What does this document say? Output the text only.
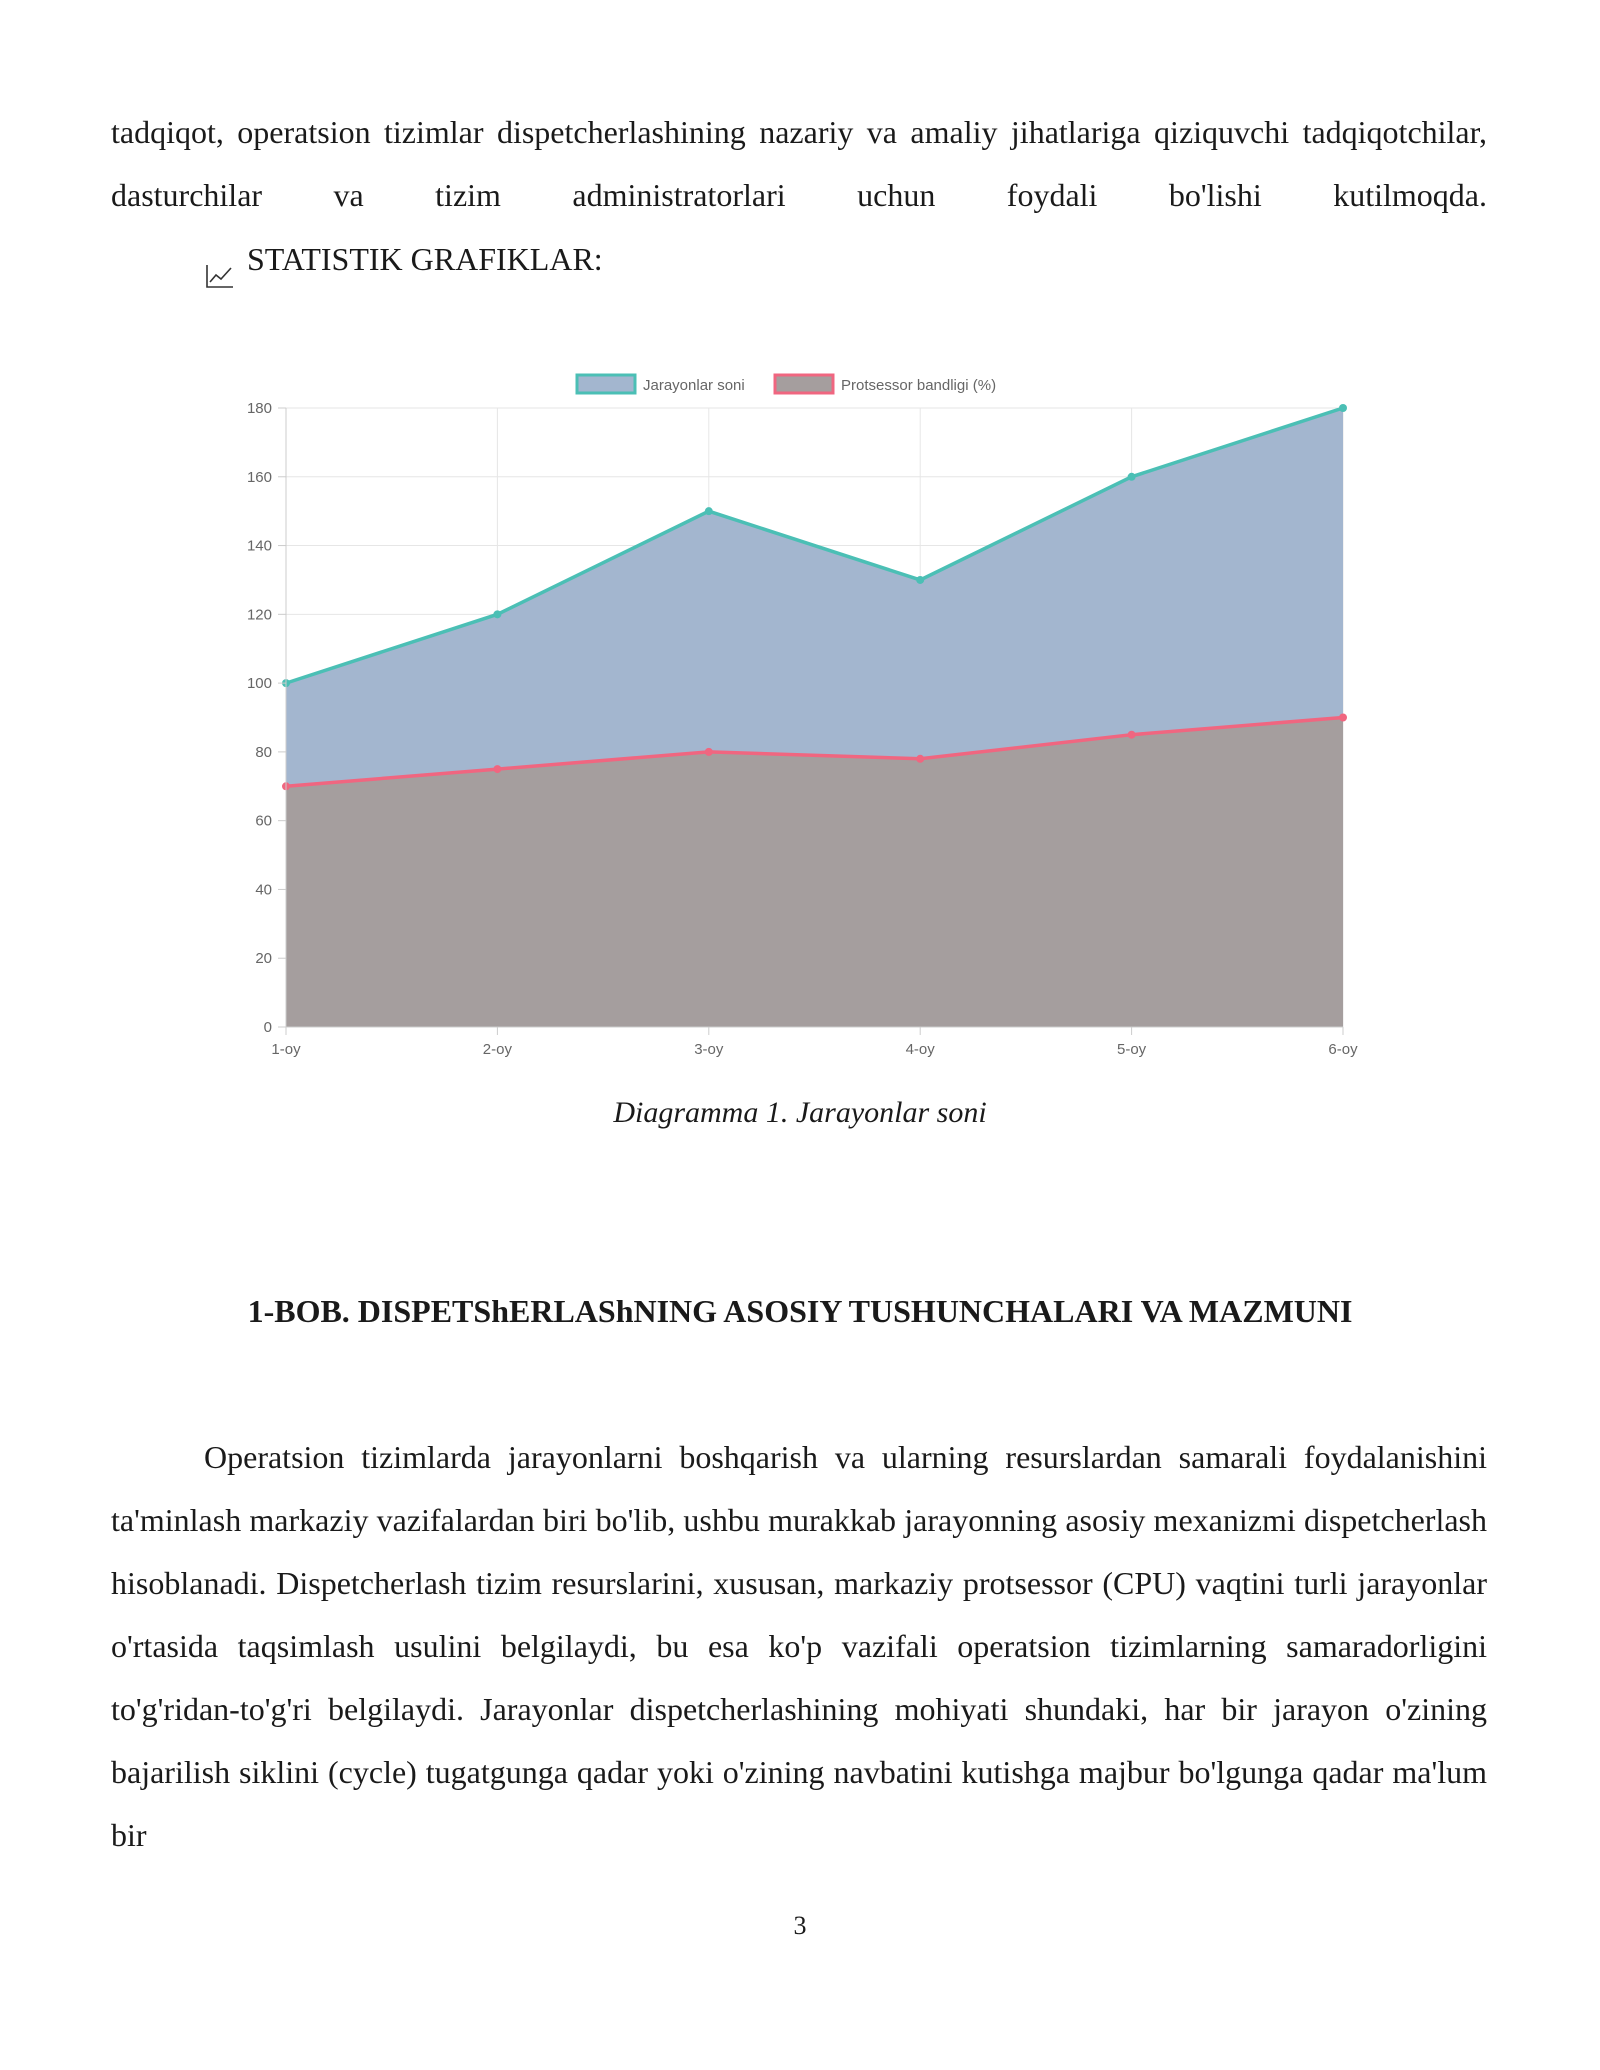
tadqiqot, operatsion tizimlar dispetcherlashining nazariy va amaliy jihatlariga qiziquvchi tadqiqotchilar, dasturchilar va tizim administratorlari uchun foydali bo'lishi kutilmoqda.

STATISTIK GRAFIKLAR:

0
20
40
60
80
100
120
140
160
180
1-oy	2-oy	3-oy	4-oy	5-oy	6-oy
Jarayonlar soni	Protsessor bandligi (%)

Diagramma 1. Jarayonlar soni

1-BOB. DISPETShERLAShNING ASOSIY TUSHUNCHALARI VA MAZMUNI

Operatsion tizimlarda jarayonlarni boshqarish va ularning resurslardan samarali foydalanishini ta'minlash markaziy vazifalardan biri bo'lib, ushbu murakkab jarayonning asosiy mexanizmi dispetcherlash hisoblanadi. Dispetcherlash tizim resurslarini, xususan, markaziy protsessor (CPU) vaqtini turli jarayonlar o'rtasida taqsimlash usulini belgilaydi, bu esa ko'p vazifali operatsion tizimlarning samaradorligini to'g'ridan-to'g'ri belgilaydi. Jarayonlar dispetcherlashining mohiyati shundaki, har bir jarayon o'zining bajarilish siklini (cycle) tugatgunga qadar yoki o'zining navbatini kutishga majbur bo'lgunga qadar ma'lum bir

3
